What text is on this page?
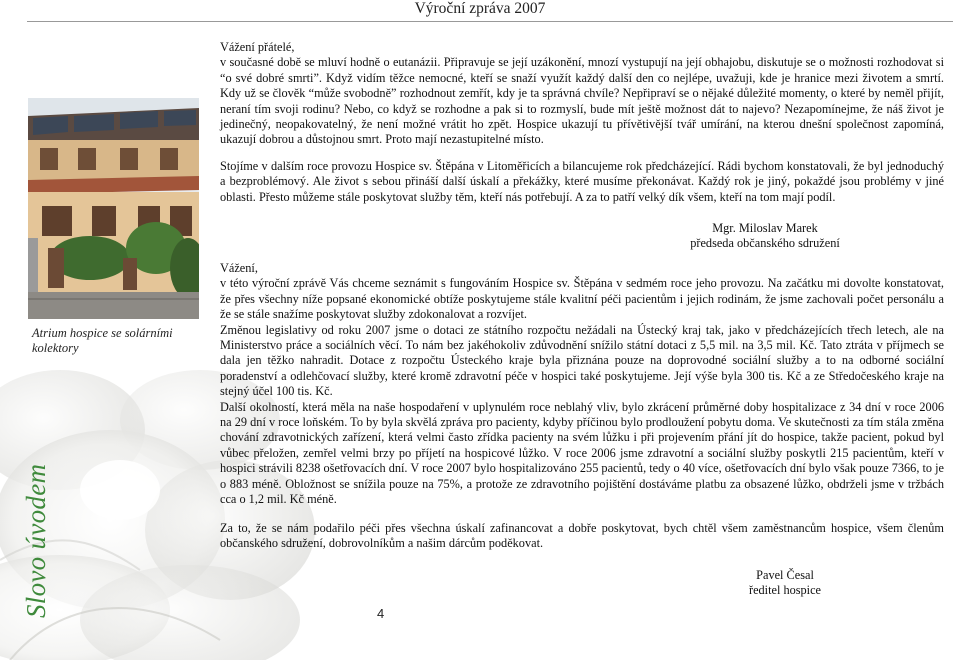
Výroční zpráva 2007
Atrium hospice se solárními kolektory
Slovo úvodem	4

Vážení přátelé,

v současné době se mluví hodně o eutanázii. Připravuje se její uzákonění, mnozí vystupují na její obhajobu, diskutuje se o možnosti rozhodovat si “o své dobré smrti”. Když vidím těžce nemocné, kteří se snaží využít každý další den co nejlépe, uvažuji, kde je hranice mezi životem a smrtí. Kdy už se člověk “může svobodně” rozhodnout zemřít, kdy je ta správná chvíle? Nepřipraví se o nějaké důležité momenty, o které by neměl přijít, neraní tím svoji rodinu? Nebo, co když se rozhodne a pak si to rozmyslí, bude mít ještě možnost dát to najevo? Nezapomínejme, že náš život je jedinečný, neopakovatelný, že není možné vrátit ho zpět. Hospice ukazují tu přívětivější tvář umírání, na kterou dnešní společnost zapomíná, ukazují dobrou a důstojnou smrt. Proto mají nezastupitelné místo.

Stojíme v dalším roce provozu Hospice sv. Štěpána v Litoměřicích a bilancujeme rok předcházející. Rádi bychom konstatovali, že byl jednoduchý a bezproblémový. Ale život s sebou přináší další úskalí a překážky, které musíme překonávat. Každý rok je jiný, pokaždé jsou problémy v jiné oblasti. Přesto můžeme stále poskytovat služby těm, kteří nás potřebují. A za to patří velký dík všem, kteří na tom mají podíl.

Mgr. Miloslav Marek
předseda občanského sdružení

Vážení,

v této výroční zprávě Vás chceme seznámit s fungováním Hospice sv. Štěpána v sedmém roce jeho provozu. Na začátku mi dovolte konstatovat, že přes všechny níže popsané ekonomické obtíže poskytujeme stále kvalitní péči pacientům i jejich rodinám, že jsme zachovali počet personálu a že se stále snažíme poskytovat služby zdokonalovat a rozvíjet.

Změnou legislativy od roku 2007 jsme o dotaci ze státního rozpočtu nežádali na Ústecký kraj tak, jako v předcházejících třech letech, ale na Ministerstvo práce a sociálních věcí. To nám bez jakéhokoliv zdůvodnění snížilo státní dotaci z 5,5 mil. na 3,5 mil. Kč. Tato ztráta v příjmech se dala jen těžko nahradit. Dotace z rozpočtu Ústeckého kraje byla přiznána pouze na doprovodné sociální služby a to na odborné sociální poradenství a odlehčovací služby, které kromě zdravotní péče v hospici také poskytujeme. Její výše byla 300 tis. Kč a ze Středočeského kraje na stejný účel 100 tis. Kč.

Další okolností, která měla na naše hospodaření v uplynulém roce neblahý vliv, bylo zkrácení průměrné doby hospitalizace z 34 dní v roce 2006 na 29 dní v roce loňském. To by byla skvělá zpráva pro pacienty, kdyby příčinou bylo prodloužení pobytu doma. Ve skutečnosti za tím stála změna chování zdravotnických zařízení, která velmi často zřídka pacienty na svém lůžku i při projevením přání jít do hospice, takže pacient, pokud byl vůbec přeložen, zemřel velmi brzy po příjetí na hospicové lůžko. V roce 2006 jsme zdravotní a sociální služby poskytli 215 pacientům, kteří v hospici strávili 8238 ošetřovacích dní. V roce 2007 bylo hospitalizováno 255 pacientů, tedy o 40 více, ošetřovacích dní bylo však pouze 7366, to je o 883 méně. Obložnost se snížila pouze na 75%, a protože ze zdravotního pojištění dostáváme platbu za obsazené lůžko, obdrželi jsme v tržbách cca o 1,2 mil. Kč méně.

Za to, že se nám podařilo péči přes všechna úskalí zafinancovat a dobře poskytovat, bych chtěl všem zaměstnancům hospice, všem členům občanského sdružení, dobrovolníkům a našim dárcům poděkovat.

Pavel Česal
ředitel hospice
